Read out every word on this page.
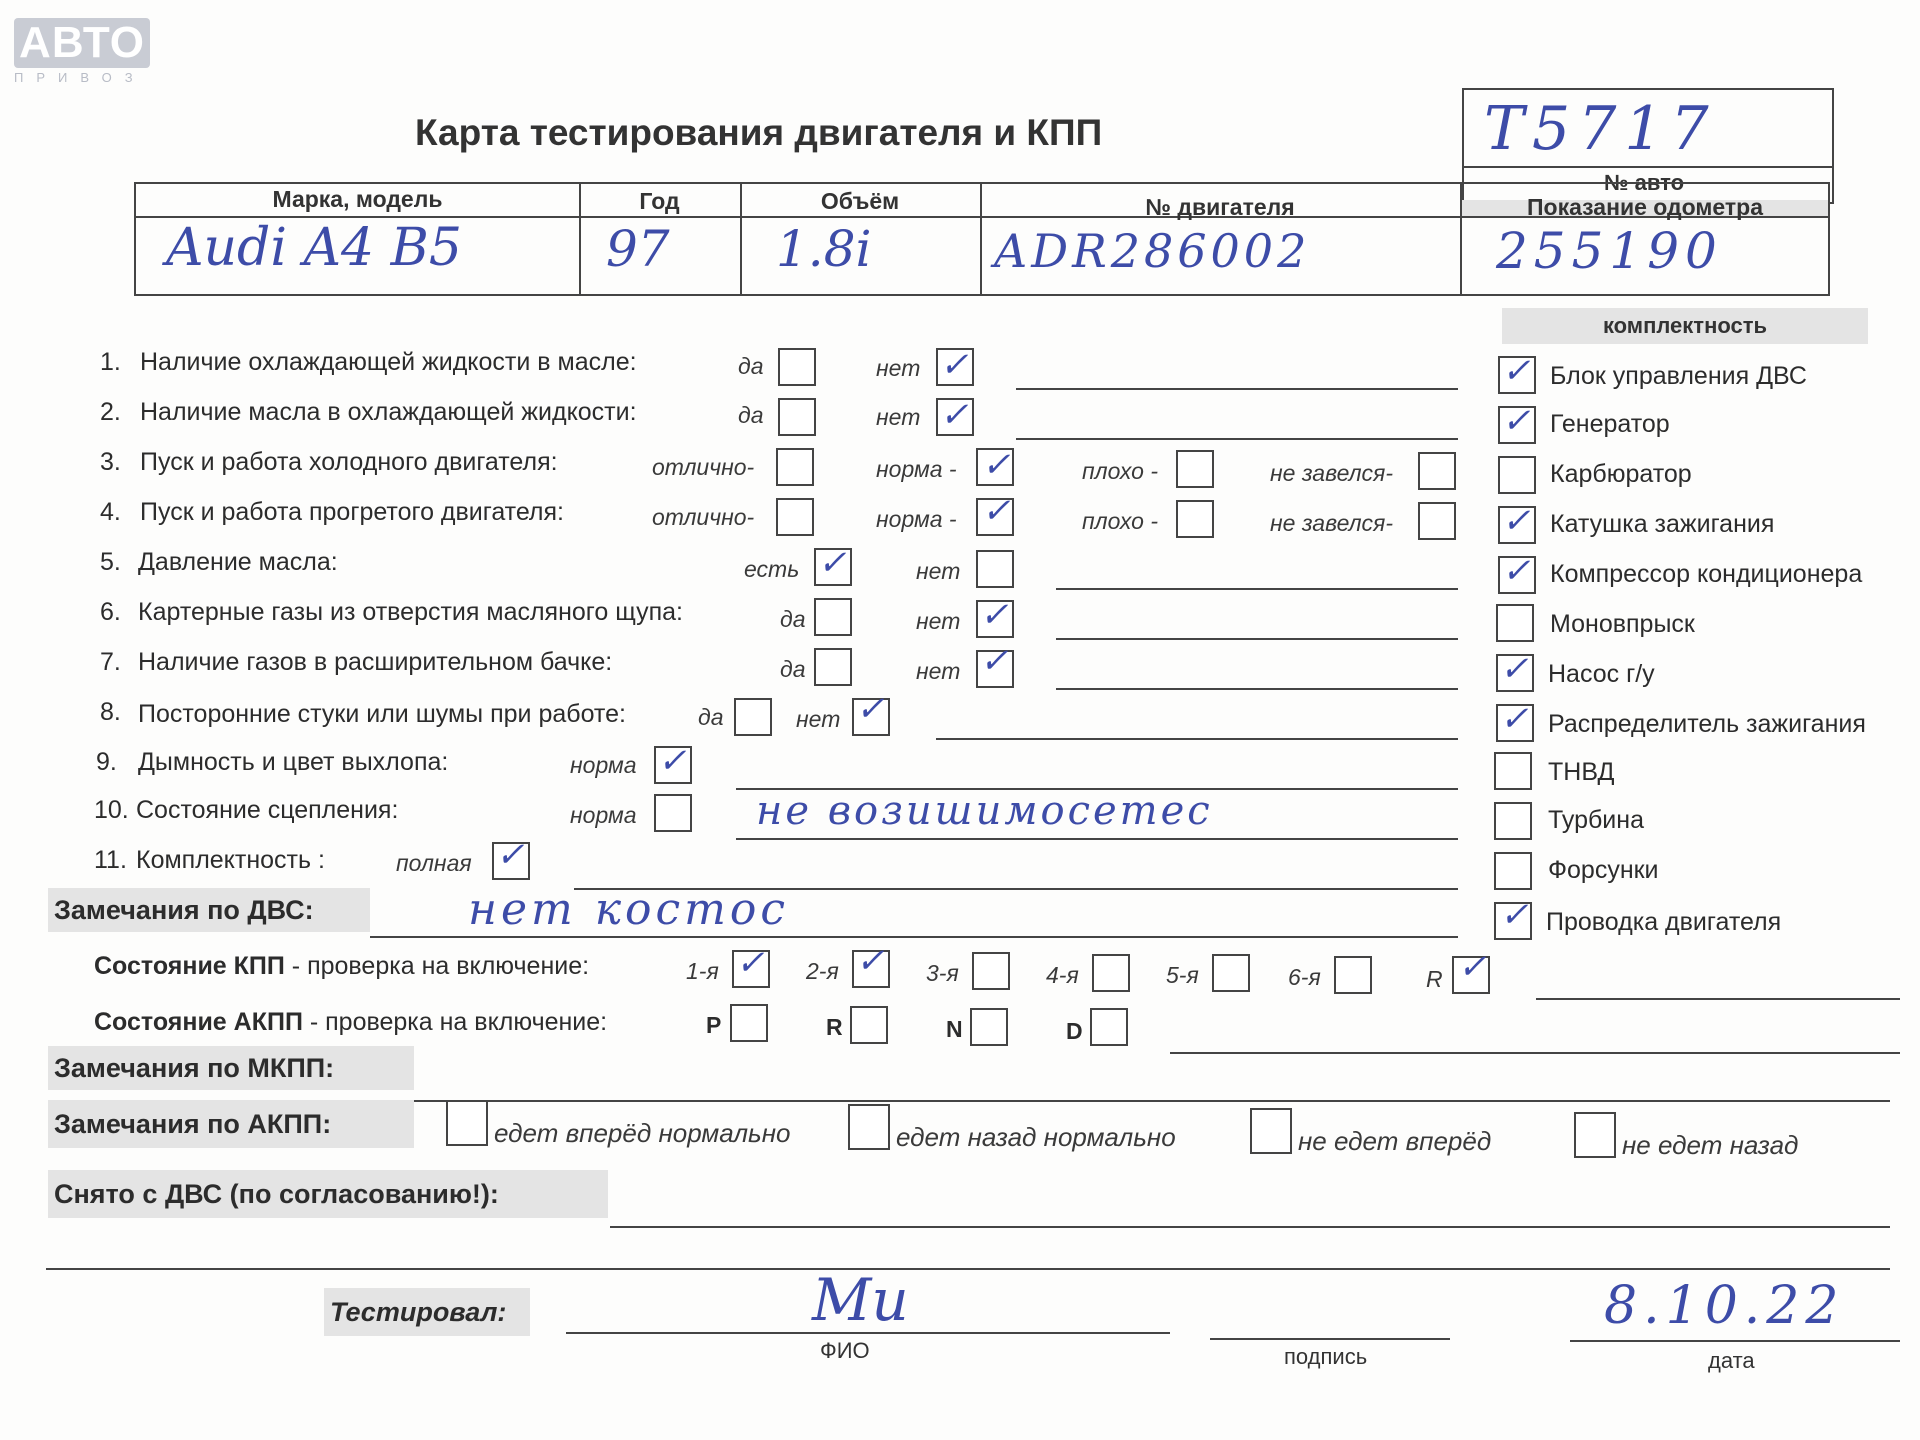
АВТО
ПРИВОЗ
Карта тестирования двигателя и КПП	Т5717
№ авто
Марка, модель	Год	Объём	№ двигателя	Показание одометра
Audi A4 B5	97 1.8i	ADR286002	255190
комплектность
1. Наличие охлаждающей жидкости в масле:	да	нет ✓
2. Наличие масла в охлаждающей жидкости:	да	нет ✓
3. Пуск и работа холодного двигателя:	отлично-	норма - ✓	плохо -	не завелся-
4. Пуск и работа прогретого двигателя:	отлично-	норма - ✓	плохо -	не завелся-
5. Давление масла:	есть ✓	нет
6. Картерные газы из отверстия масляного щупа:	да	нет ✓
7. Наличие газов в расширительном бачке:	да	нет ✓
8. Посторонние стуки или шумы при работе:	да	нет ✓
9. Дымность и цвет выхлопа:	норма ✓
10. Состояние сцепления:	норма	не возишимосетес
11. Комплектность :	полная ✓
Замечания по ДВС:	нет костос
✓ Блок управления ДВС
✓ Генератор
Карбюратор
✓ Катушка зажигания
✓ Компрессор кондиционера
Моновпрыск
✓ Насос г/у
✓ Распределитель зажигания
ТНВД
Турбина
Форсунки
✓ Проводка двигателя
Состояние КПП - проверка на включение:	1-я ✓ 2-я ✓ 3-я	4-я	5-я	6-я	R ✓
Состояние АКПП - проверка на включение:	P	R	N	D
Замечания по МКПП:
Замечания по АКПП:	едет вперёд нормально	едет назад нормально	не едет вперёд	не едет назад
Снято с ДВС (по согласованию!):
Тестировал:	Ми
ФИО	подпись
8.10.22
дата
